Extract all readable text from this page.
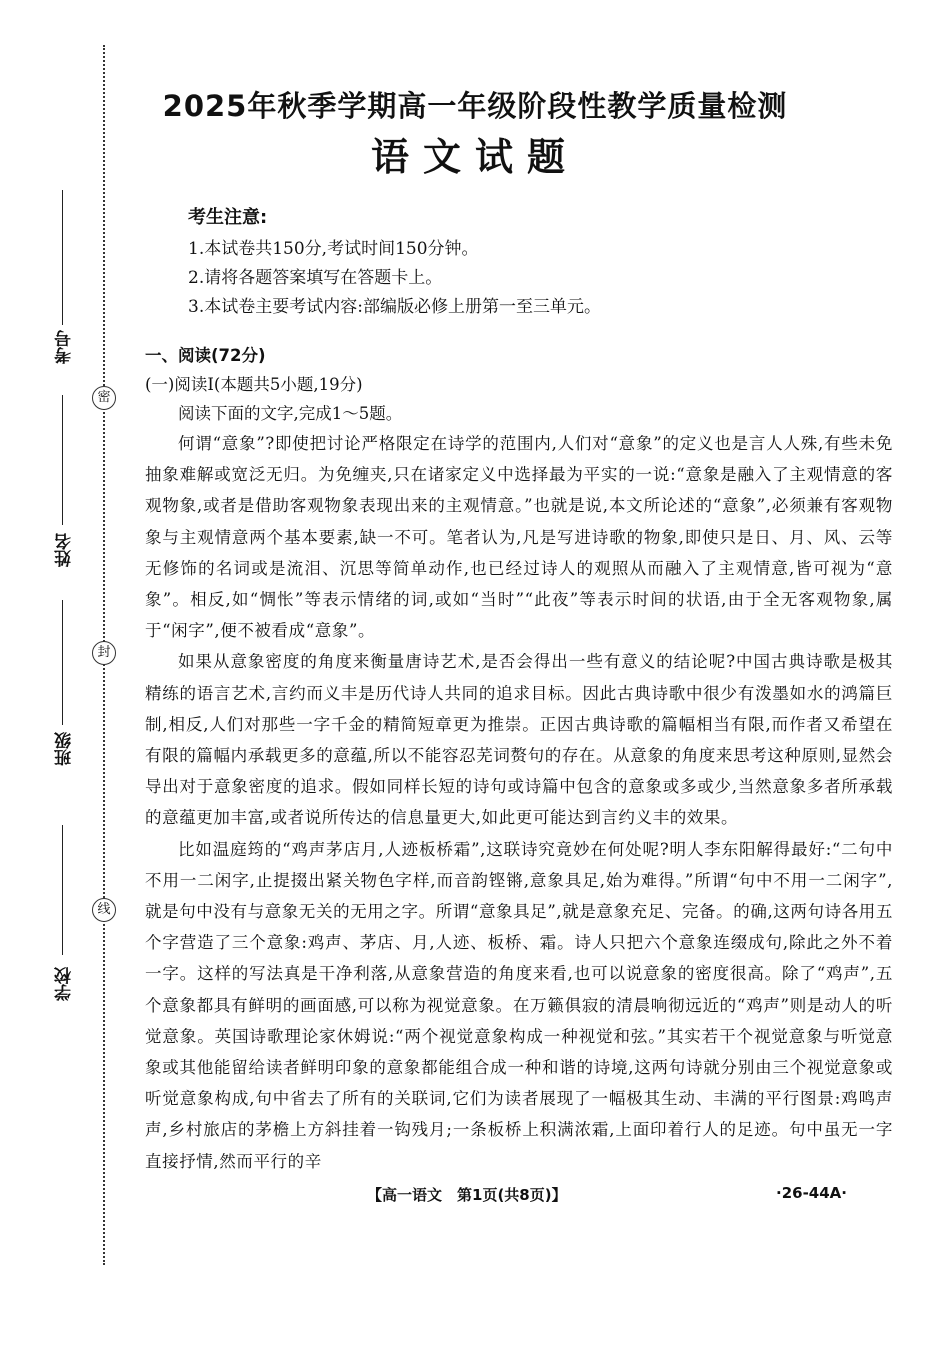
考号
姓名
班级
学校
密
封
线
2025年秋季学期高一年级阶段性教学质量检测
语文试题
考生注意:
1.本试卷共150分,考试时间150分钟。
2.请将各题答案填写在答题卡上。
3.本试卷主要考试内容:部编版必修上册第一至三单元。
一、阅读(72分)
(一)阅读Ⅰ(本题共5小题,19分)

阅读下面的文字,完成1～5题。

何谓“意象”?即使把讨论严格限定在诗学的范围内,人们对“意象”的定义也是言人人殊,有些未免抽象难解或宽泛无归。为免缠夹,只在诸家定义中选择最为平实的一说:“意象是融入了主观情意的客观物象,或者是借助客观物象表现出来的主观情意。”也就是说,本文所论述的“意象”,必须兼有客观物象与主观情意两个基本要素,缺一不可。笔者认为,凡是写进诗歌的物象,即使只是日、月、风、云等无修饰的名词或是流泪、沉思等简单动作,也已经过诗人的观照从而融入了主观情意,皆可视为“意象”。相反,如“惆怅”等表示情绪的词,或如“当时”“此夜”等表示时间的状语,由于全无客观物象,属于“闲字”,便不被看成“意象”。

如果从意象密度的角度来衡量唐诗艺术,是否会得出一些有意义的结论呢?中国古典诗歌是极其精练的语言艺术,言约而义丰是历代诗人共同的追求目标。因此古典诗歌中很少有泼墨如水的鸿篇巨制,相反,人们对那些一字千金的精简短章更为推崇。正因古典诗歌的篇幅相当有限,而作者又希望在有限的篇幅内承载更多的意蕴,所以不能容忍芜词赘句的存在。从意象的角度来思考这种原则,显然会导出对于意象密度的追求。假如同样长短的诗句或诗篇中包含的意象或多或少,当然意象多者所承载的意蕴更加丰富,或者说所传达的信息量更大,如此更可能达到言约义丰的效果。

比如温庭筠的“鸡声茅店月,人迹板桥霜”,这联诗究竟妙在何处呢?明人李东阳解得最好:“二句中不用一二闲字,止提掇出紧关物色字样,而音韵铿锵,意象具足,始为难得。”所谓“句中不用一二闲字”,就是句中没有与意象无关的无用之字。所谓“意象具足”,就是意象充足、完备。的确,这两句诗各用五个字营造了三个意象:鸡声、茅店、月,人迹、板桥、霜。诗人只把六个意象连缀成句,除此之外不着一字。这样的写法真是干净利落,从意象营造的角度来看,也可以说意象的密度很高。除了“鸡声”,五个意象都具有鲜明的画面感,可以称为视觉意象。在万籁俱寂的清晨响彻远近的“鸡声”则是动人的听觉意象。英国诗歌理论家休姆说:“两个视觉意象构成一种视觉和弦。”其实若干个视觉意象与听觉意象或其他能留给读者鲜明印象的意象都能组合成一种和谐的诗境,这两句诗就分别由三个视觉意象或听觉意象构成,句中省去了所有的关联词,它们为读者展现了一幅极其生动、丰满的平行图景:鸡鸣声声,乡村旅店的茅檐上方斜挂着一钩残月;一条板桥上积满浓霜,上面印着行人的足迹。句中虽无一字直接抒情,然而平行的辛

【高一语文　第1页(共8页)】	·26-44A·
